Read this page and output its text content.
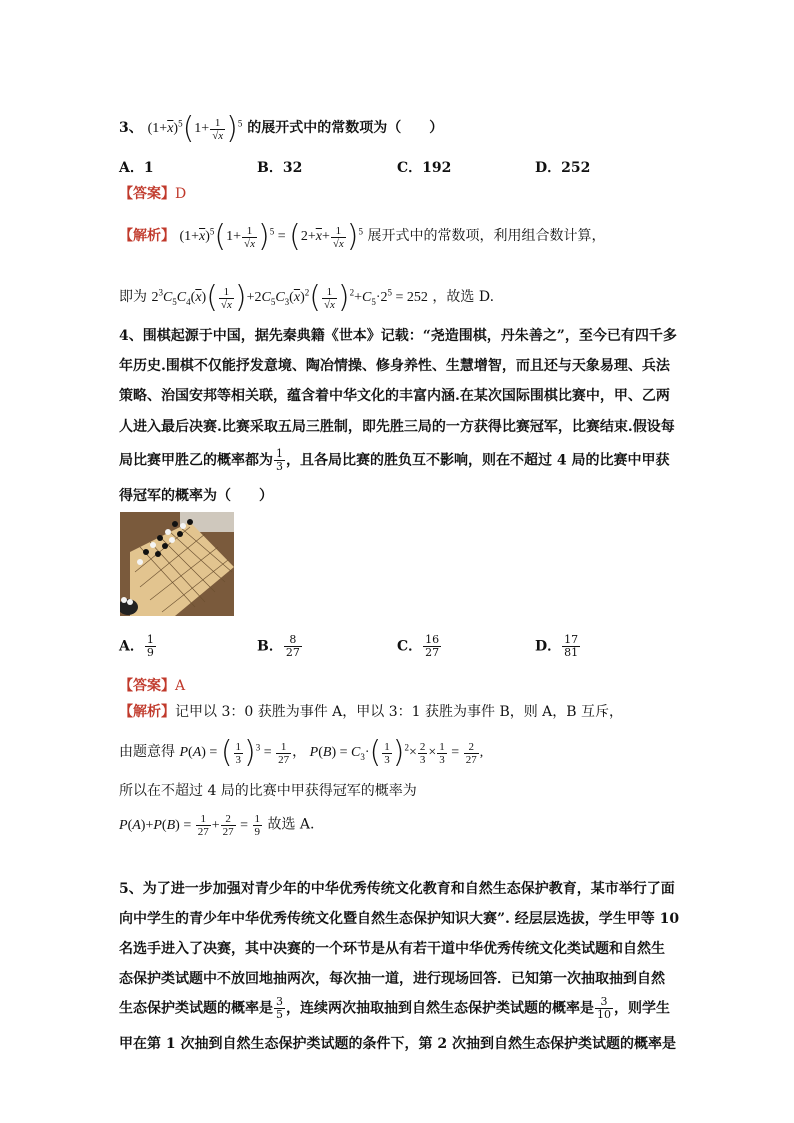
3、 $(1+\overline{x})^5(1+ \frac{1}{√x} )^5$ 的展开式中的常数项为（　　）
A．1	B．32	C．192	D．252
【答案】D
【解析】 $(1+\overline{x})^5(1+ \frac{1}{√x} )^5 = (2+\overline{x}+ \frac{1}{√x} )^5$ 展开式中的常数项，利用组合数计算，
即为 $2^3C_5C_4(\overline{x})( \frac{1}{√x} )+2C_5C_3(\overline{x})^2( \frac{1}{√x} )^2+C_5\cdot 2^5 = 252$ ，故选 D.
4、围棋起源于中国，据先秦典籍《世本》记载：“尧造围棋，丹朱善之”，至今已有四千多
年历史.围棋不仅能抒发意境、陶冶情操、修身养性、生慧增智，而且还与天象易理、兵法
策略、治国安邦等相关联，蕴含着中华文化的丰富内涵.在某次国际围棋比赛中，甲、乙两
人进入最后决赛.比赛采取五局三胜制，即先胜三局的一方获得比赛冠军，比赛结束.假设每
局比赛甲胜乙的概率都为 $\frac{1}{3}$ ，且各局比赛的胜负互不影响，则在不超过 4 局的比赛中甲获
得冠军的概率为（　　）
A． $\frac{1}{9}$	B． $\frac{8}{27}$	C． $\frac{16}{27}$	D． $\frac{17}{81}$
【答案】A
【解析】记甲以 3：0 获胜为事件 A，甲以 3：1 获胜为事件 B，则 A，B 互斥，
由题意得 P(A) = ( $\frac{1}{3} )^3 = \frac{1}{27}$ ， $P(B) = C_3\cdot( \frac{1}{3} )^2\times \frac{2}{3} \times \frac{1}{3} = \frac{2}{27}$ ,
所以在不超过 4 局的比赛中甲获得冠军的概率为
$P(A)+P(B) = \frac{1}{27} + \frac{2}{27} = \frac{1}{9}$ 故选 A.
5、为了进一步加强对青少年的中华优秀传统文化教育和自然生态保护教育，某市举行了面
向中学生的青少年中华优秀传统文化暨自然生态保护知识大赛”. 经层层选拔，学生甲等 10
名选手进入了决赛，其中决赛的一个环节是从有若干道中华优秀传统文化类试题和自然生
态保护类试题中不放回地抽两次，每次抽一道，进行现场回答．已知第一次抽取抽到自然
生态保护类试题的概率是 $\frac{3}{5}$ ，连续两次抽取抽到自然生态保护类试题的概率是 $\frac{3}{10}$ ，则学生
甲在第 1 次抽到自然生态保护类试题的条件下，第 2 次抽到自然生态保护类试题的概率是
